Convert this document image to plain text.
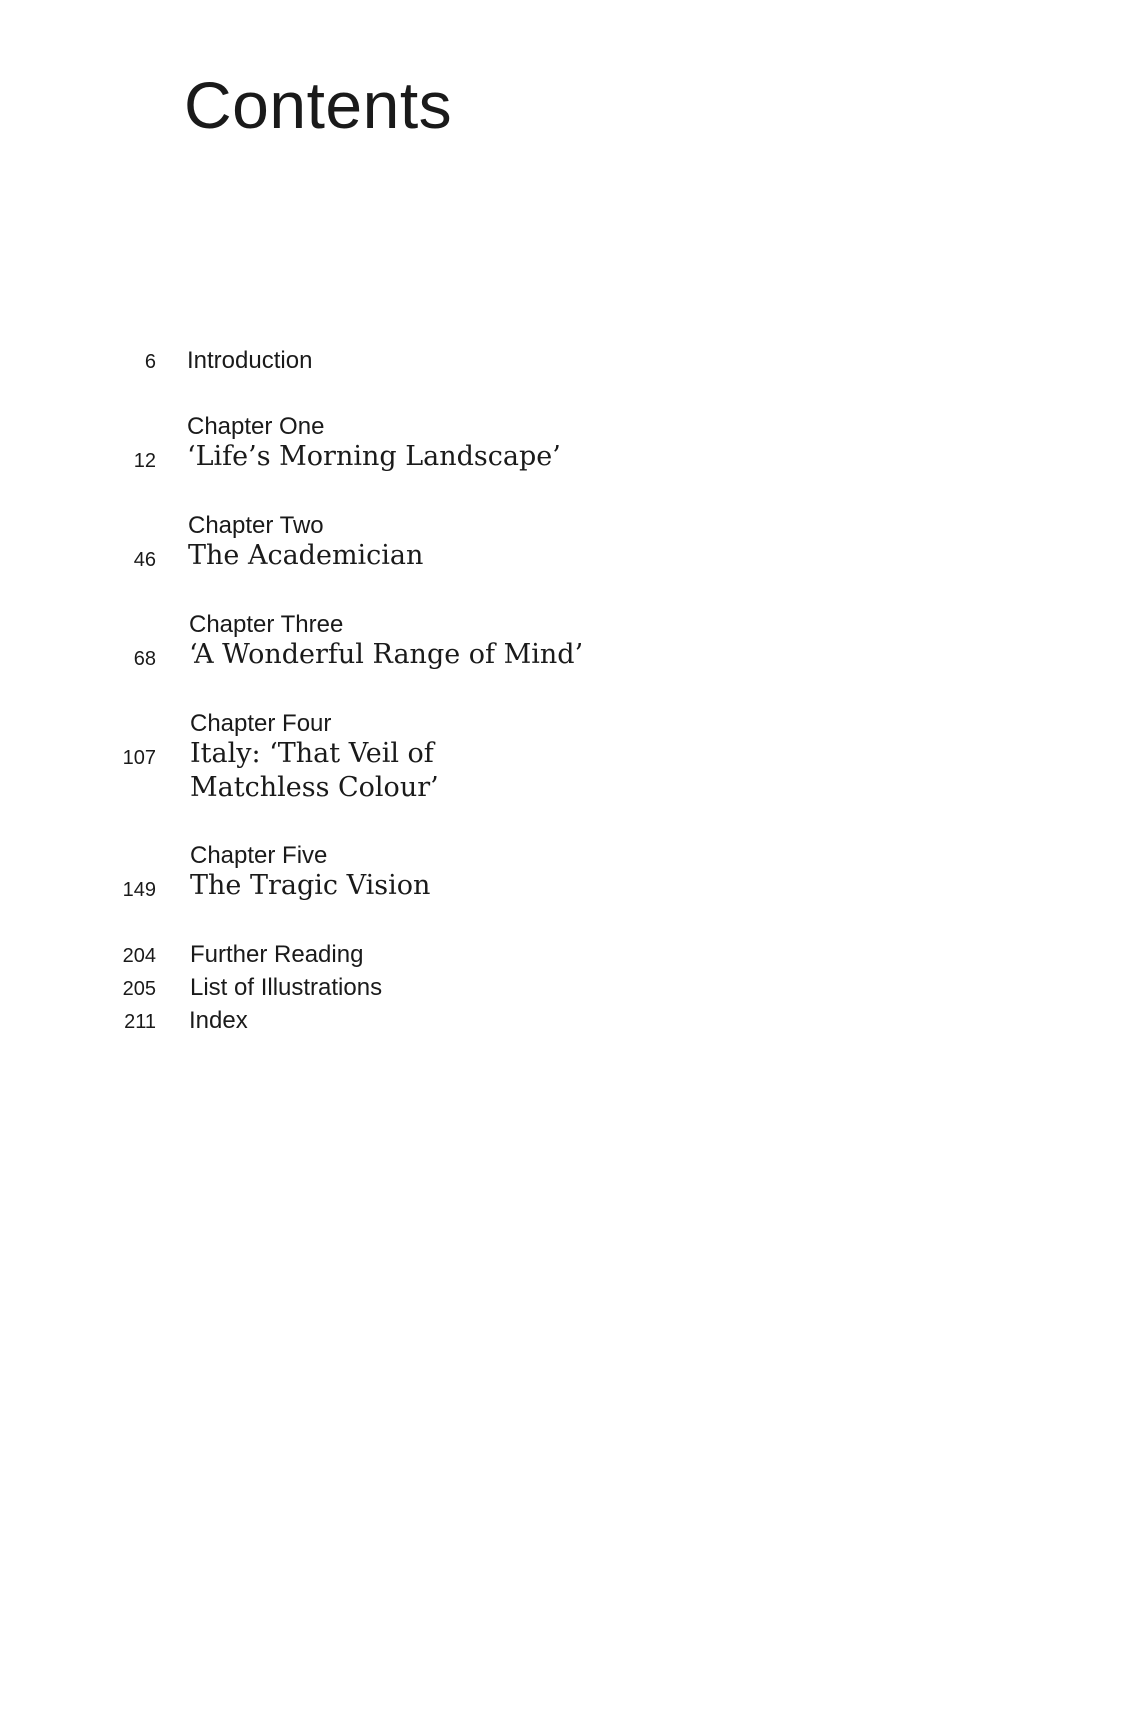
Contents
6 Introduction
Chapter One
12 ‘Life’s Morning Landscape’
Chapter Two
46 The Academician
Chapter Three
68 ‘A Wonderful Range of Mind’
Chapter Four
107 Italy: ‘That Veil of Matchless Colour’
Chapter Five
149 The Tragic Vision
204 Further Reading
205 List of Illustrations
211 Index
